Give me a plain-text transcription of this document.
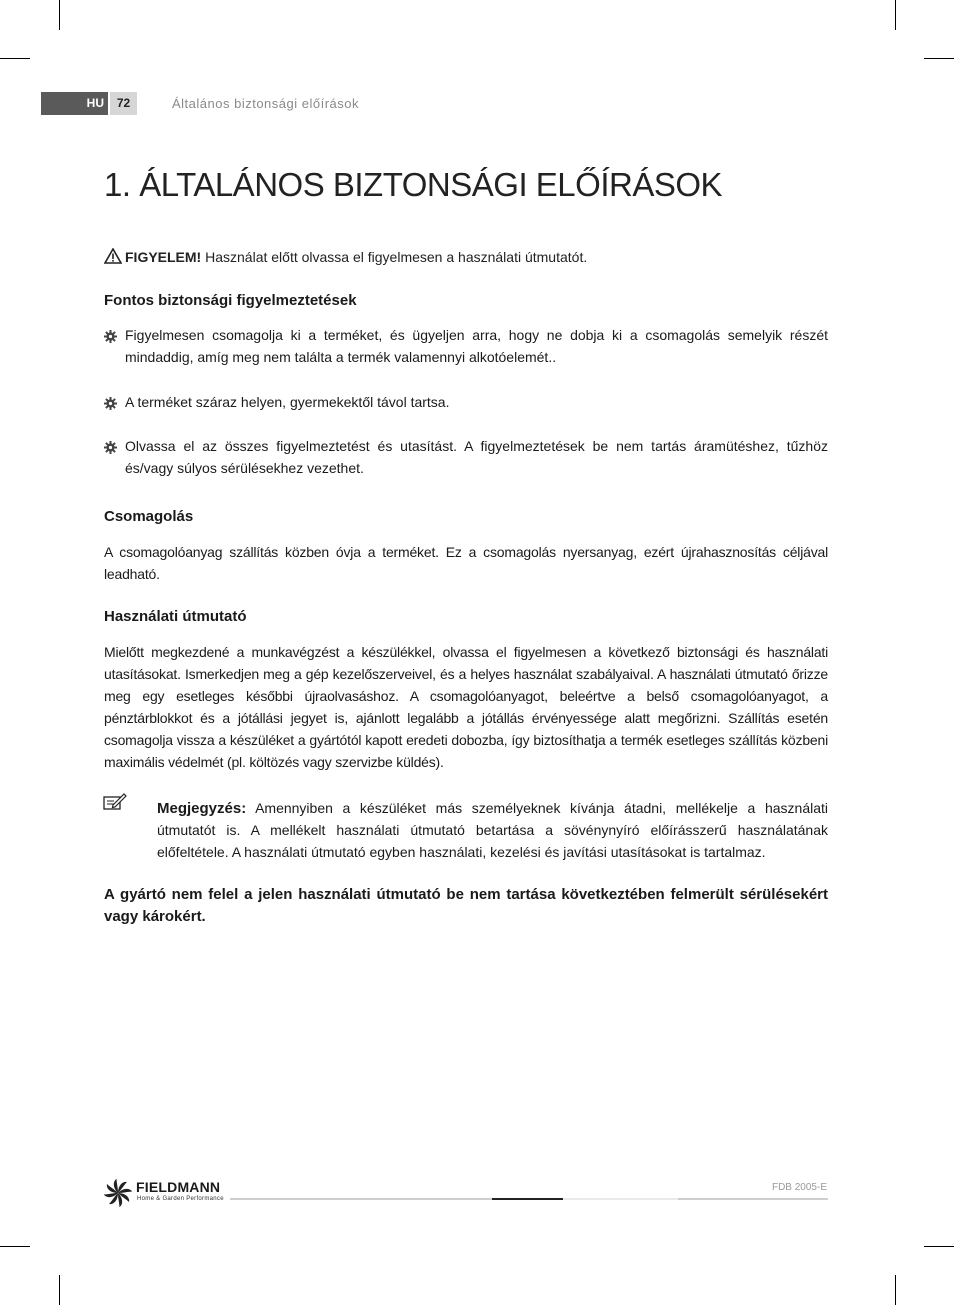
HU	72	Általános biztonsági előírások
1. ÁLTALÁNOS BIZTONSÁGI ELŐÍRÁSOK
FIGYELEM! Használat előtt olvassa el figyelmesen a használati útmutatót.
Fontos biztonsági figyelmeztetések
Figyelmesen csomagolja ki a terméket, és ügyeljen arra, hogy ne dobja ki a csomagolás semelyik részét mindaddig, amíg meg nem találta a termék valamennyi alkotóelemét..
A terméket száraz helyen, gyermekektől távol tartsa.
Olvassa el az összes figyelmeztetést és utasítást. A figyelmeztetések be nem tartás áramütéshez, tűzhöz és/vagy súlyos sérülésekhez vezethet.
Csomagolás
A csomagolóanyag szállítás közben óvja a terméket. Ez a csomagolás nyersanyag, ezért újrahasznosítás céljával leadható.
Használati útmutató
Mielőtt megkezdené a munkavégzést a készülékkel, olvassa el figyelmesen a következő biztonsági és használati utasításokat. Ismerkedjen meg a gép kezelőszerveivel, és a helyes használat szabályaival. A használati útmutató őrizze meg egy esetleges későbbi újraolvasáshoz. A csomagolóanyagot, beleértve a belső csomagolóanyagot, a pénztárblokkot és a jótállási jegyet is, ajánlott legalább a jótállás érvényessége alatt megőrizni. Szállítás esetén csomagolja vissza a készüléket a gyártótól kapott eredeti dobozba, így biztosíthatja a termék esetleges szállítás közbeni maximális védelmét (pl. költözés vagy szervizbe küldés).
Megjegyzés: Amennyiben a készüléket más személyeknek kívánja átadni, mellékelje a használati útmutatót is. A mellékelt használati útmutató betartása a sövénynyíró előírásszerű használatának előfeltétele. A használati útmutató egyben használati, kezelési és javítási utasításokat is tartalmaz.
A gyártó nem felel a jelen használati útmutató be nem tartása következtében felmerült sérülésekért vagy károkért.
FIELDMANN
Home & Garden Performance
FDB 2005-E
